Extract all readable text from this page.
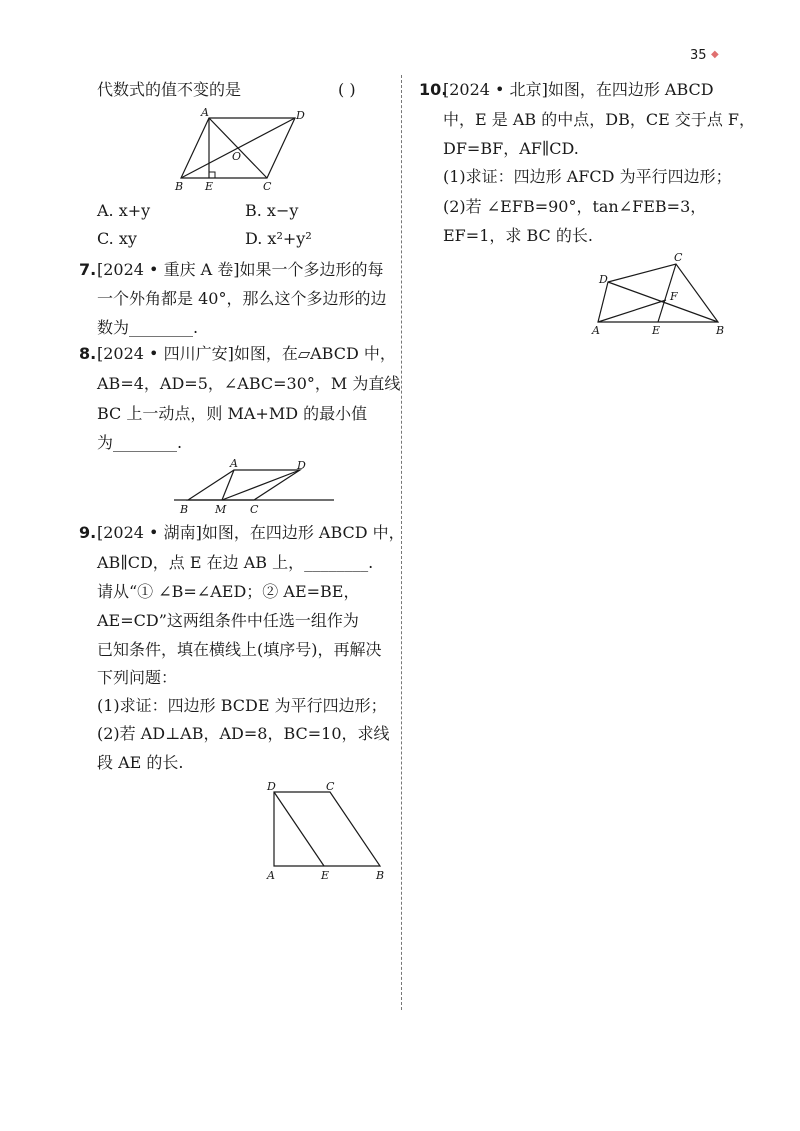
35 ◆
代数式的值不变的是	( )
A	D
O
B E	C
A. x+y	B. x−y
C. xy	D. x²+y²
7. [2024 • 重庆 A 卷]如果一个多边形的每
一个外角都是 40°，那么这个多边形的边
数为________.
8. [2024 • 四川广安]如图，在▱ABCD 中，
AB=4，AD=5，∠ABC=30°，M 为直线
BC 上一动点，则 MA+MD 的最小值
为________.
A	D
B M C
9. [2024 • 湖南]如图，在四边形 ABCD 中，
AB∥CD，点 E 在边 AB 上，________.
请从“① ∠B=∠AED；② AE=BE，
AE=CD”这两组条件中任选一组作为
已知条件，填在横线上(填序号)，再解决
下列问题：
(1)求证：四边形 BCDE 为平行四边形；
(2)若 AD⊥AB，AD=8，BC=10，求线
段 AE 的长.
D	C
A	E	B
10.
[2024 • 北京]如图，在四边形 ABCD
中，E 是 AB 的中点，DB，CE 交于点 F，
DF=BF，AF∥CD.
(1)求证：四边形 AFCD 为平行四边形；
(2)若 ∠EFB=90°，tan∠FEB=3，
EF=1，求 BC 的长.
C
D
F
A	E	B
